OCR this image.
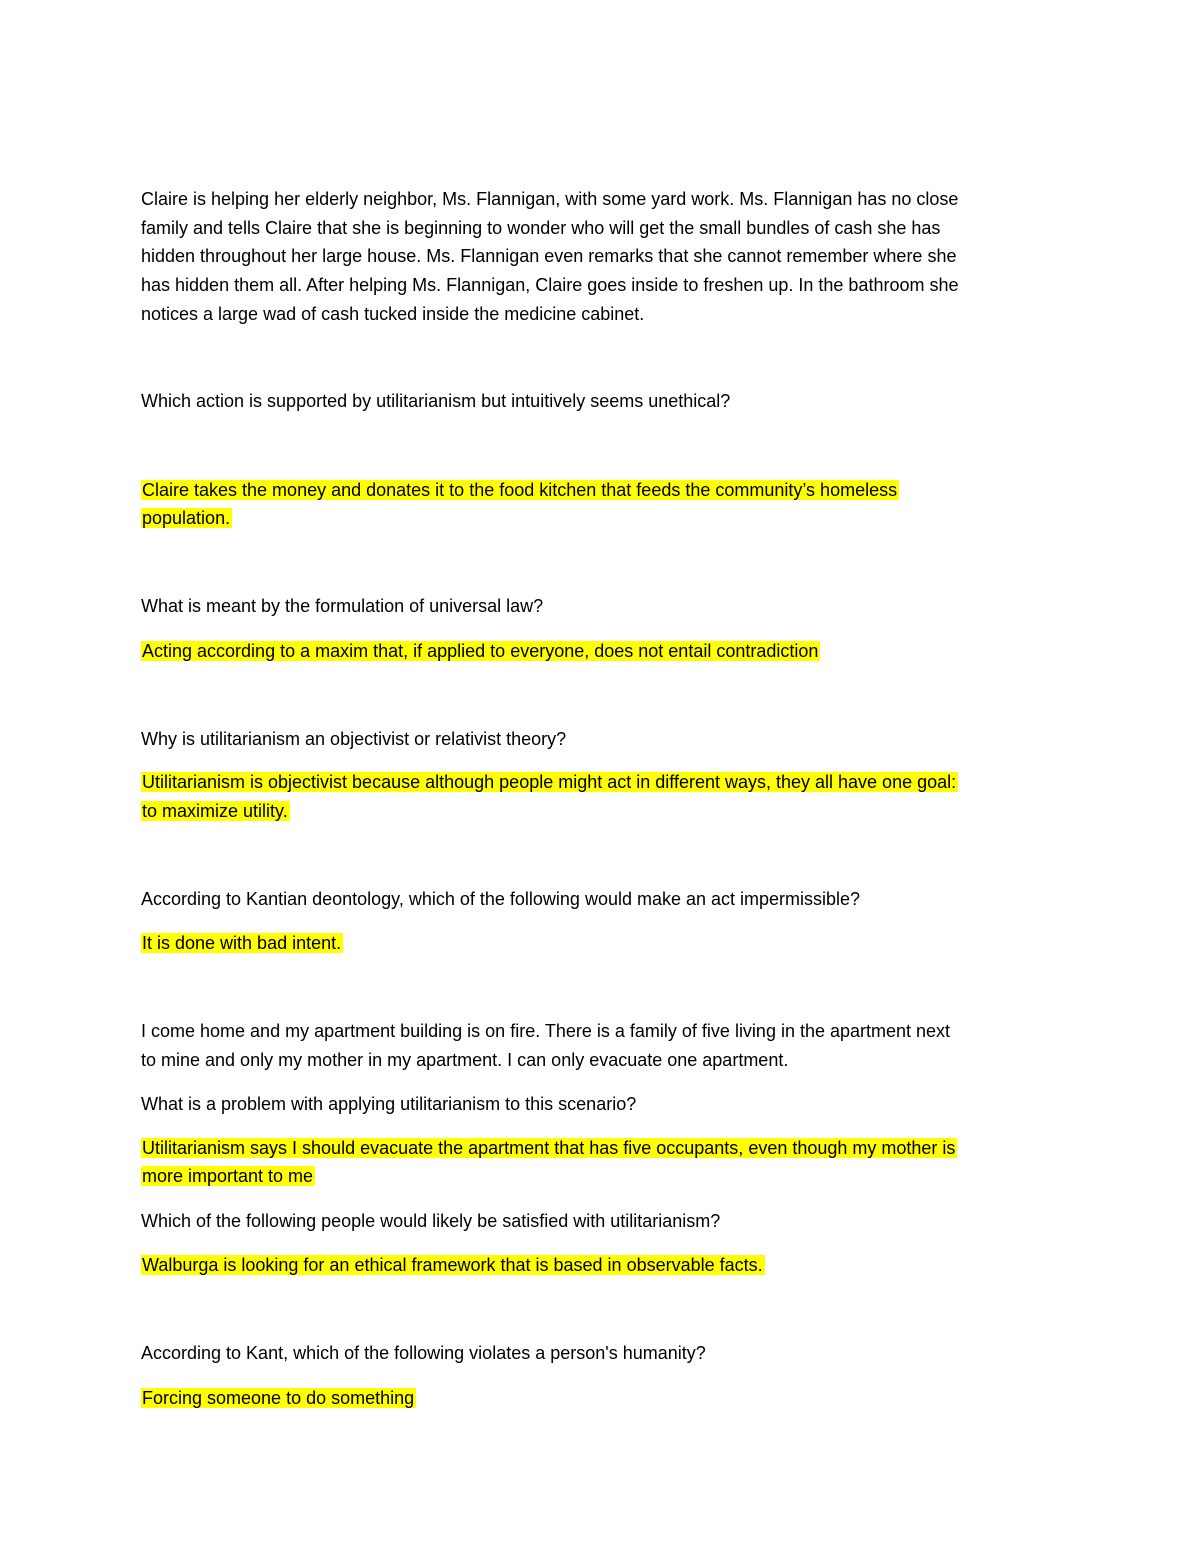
Claire is helping her elderly neighbor, Ms. Flannigan, with some yard work. Ms. Flannigan has no close

family and tells Claire that she is beginning to wonder who will get the small bundles of cash she has

hidden throughout her large house. Ms. Flannigan even remarks that she cannot remember where she

has hidden them all. After helping Ms. Flannigan, Claire goes inside to freshen up. In the bathroom she

notices a large wad of cash tucked inside the medicine cabinet.

Which action is supported by utilitarianism but intuitively seems unethical?

Claire takes the money and donates it to the food kitchen that feeds the community’s homeless

population.

What is meant by the formulation of universal law?

Acting according to a maxim that, if applied to everyone, does not entail contradiction

Why is utilitarianism an objectivist or relativist theory?

Utilitarianism is objectivist because although people might act in different ways, they all have one goal:

to maximize utility.

According to Kantian deontology, which of the following would make an act impermissible?

It is done with bad intent.

I come home and my apartment building is on fire. There is a family of five living in the apartment next

to mine and only my mother in my apartment. I can only evacuate one apartment.

What is a problem with applying utilitarianism to this scenario?

Utilitarianism says I should evacuate the apartment that has five occupants, even though my mother is

more important to me

Which of the following people would likely be satisfied with utilitarianism?

Walburga is looking for an ethical framework that is based in observable facts.

According to Kant, which of the following violates a person's humanity?

Forcing someone to do something
